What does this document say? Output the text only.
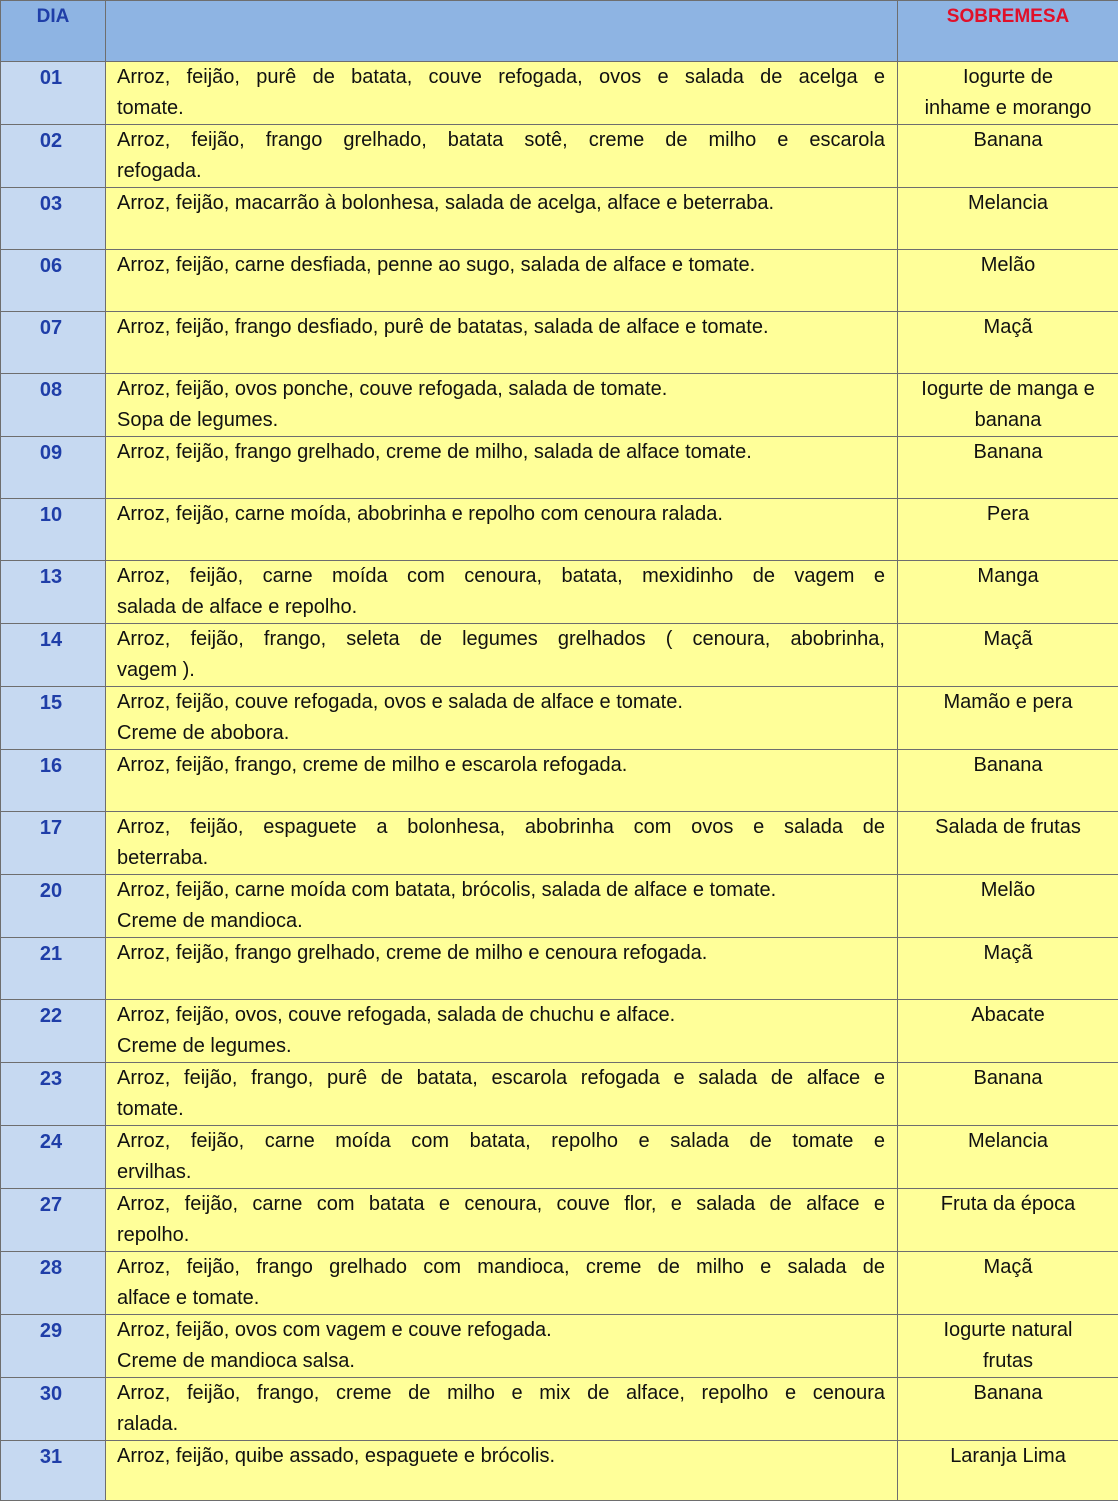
DIA		SOBREMESA
01	Arroz, feijão, purê de batata, couve refogada, ovos e salada de acelga e
tomate.	Iogurte de
inhame e morango

02	Arroz, feijão, frango grelhado, batata sotê, creme de milho e escarola
refogada.	Banana

03	Arroz, feijão, macarrão à bolonhesa, salada de acelga, alface e beterraba.	Melancia

06	Arroz, feijão, carne desfiada, penne ao sugo, salada de alface e tomate.	Melão

07	Arroz, feijão, frango desfiado, purê de batatas, salada de alface e tomate.	Maçã

08	Arroz, feijão, ovos ponche, couve refogada, salada de tomate.
Sopa de legumes.	Iogurte de manga e
banana

09	Arroz, feijão, frango grelhado, creme de milho, salada de alface tomate.	Banana

10	Arroz, feijão, carne moída, abobrinha e repolho com cenoura ralada.	Pera

13	Arroz, feijão, carne moída com cenoura, batata, mexidinho de vagem e
salada de alface e repolho.	Manga

14	Arroz, feijão, frango, seleta de legumes grelhados ( cenoura, abobrinha,
vagem ).	Maçã

15	Arroz, feijão, couve refogada, ovos e salada de alface e tomate.
Creme de abobora.	Mamão e pera

16	Arroz, feijão, frango, creme de milho e escarola refogada.	Banana

17	Arroz, feijão, espaguete a bolonhesa, abobrinha com ovos e salada de
beterraba.	Salada de frutas

20	Arroz, feijão, carne moída com batata, brócolis, salada de alface e tomate.
Creme de mandioca.	Melão

21	Arroz, feijão, frango grelhado, creme de milho e cenoura refogada.	Maçã

22	Arroz, feijão, ovos, couve refogada, salada de chuchu e alface.
Creme de legumes.	Abacate

23	Arroz, feijão, frango, purê de batata, escarola refogada e salada de alface e
tomate.	Banana

24	Arroz, feijão, carne moída com batata, repolho e salada de tomate e
ervilhas.	Melancia

27	Arroz, feijão, carne com batata e cenoura, couve flor, e salada de alface e
repolho.	Fruta da época

28	Arroz, feijão, frango grelhado com mandioca, creme de milho e salada de
alface e tomate.	Maçã

29	Arroz, feijão, ovos com vagem e couve refogada.
Creme de mandioca salsa.	Iogurte natural
frutas

30	Arroz, feijão, frango, creme de milho e mix de alface, repolho e cenoura
ralada.	Banana

31	Arroz, feijão, quibe assado, espaguete e brócolis.	Laranja Lima
